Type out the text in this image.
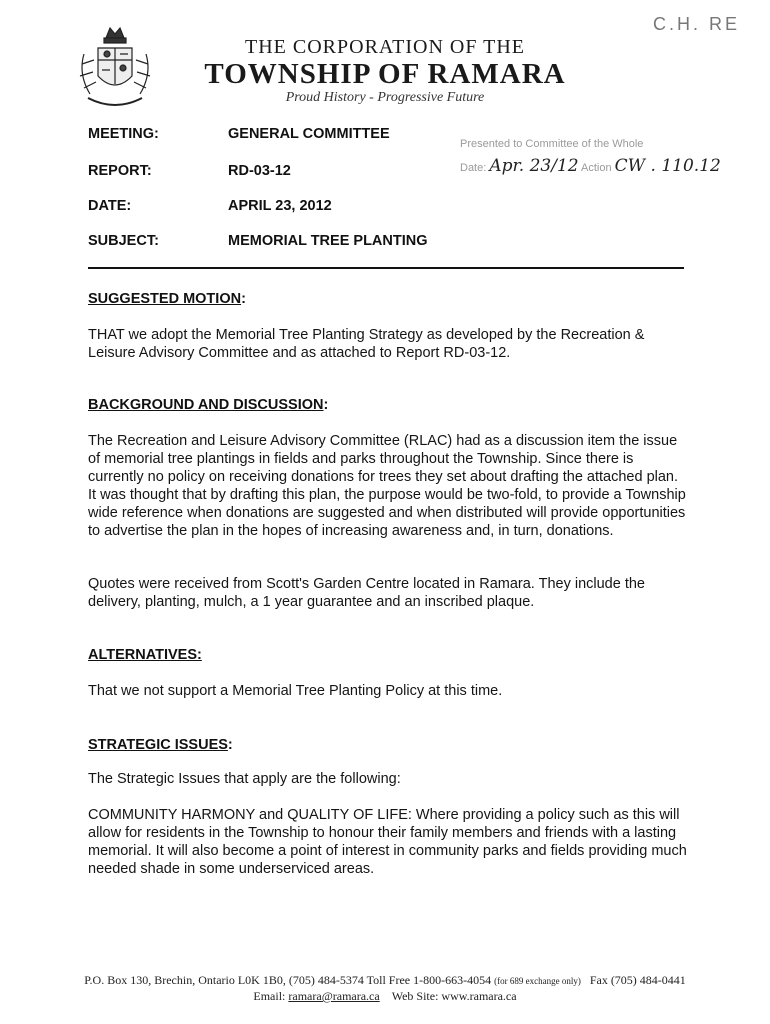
C.H. RE
THE CORPORATION OF THE
TOWNSHIP OF RAMARA
Proud History - Progressive Future
MEETING:	GENERAL COMMITTEE
REPORT:	RD-03-12
DATE:	APRIL 23, 2012
SUBJECT:	MEMORIAL TREE PLANTING
Presented to Committee of the Whole
Date: Apr. 23/12 Action CW . 110.12
SUGGESTED MOTION:
THAT we adopt the Memorial Tree Planting Strategy as developed by the Recreation & Leisure Advisory Committee and as attached to Report RD-03-12.
BACKGROUND AND DISCUSSION:
The Recreation and Leisure Advisory Committee (RLAC) had as a discussion item the issue of memorial tree plantings in fields and parks throughout the Township. Since there is currently no policy on receiving donations for trees they set about drafting the attached plan. It was thought that by drafting this plan, the purpose would be two-fold, to provide a Township wide reference when donations are suggested and when distributed will provide opportunities to advertise the plan in the hopes of increasing awareness and, in turn, donations.
Quotes were received from Scott's Garden Centre located in Ramara. They include the delivery, planting, mulch, a 1 year guarantee and an inscribed plaque.
ALTERNATIVES:
That we not support a Memorial Tree Planting Policy at this time.
STRATEGIC ISSUES:
The Strategic Issues that apply are the following:
COMMUNITY HARMONY and QUALITY OF LIFE: Where providing a policy such as this will allow for residents in the Township to honour their family members and friends with a lasting memorial. It will also become a point of interest in community parks and fields providing much needed shade in some underserviced areas.
P.O. Box 130, Brechin, Ontario L0K 1B0, (705) 484-5374 Toll Free 1-800-663-4054 (for 689 exchange only) Fax (705) 484-0441
Email: ramara@ramara.ca Web Site: www.ramara.ca
